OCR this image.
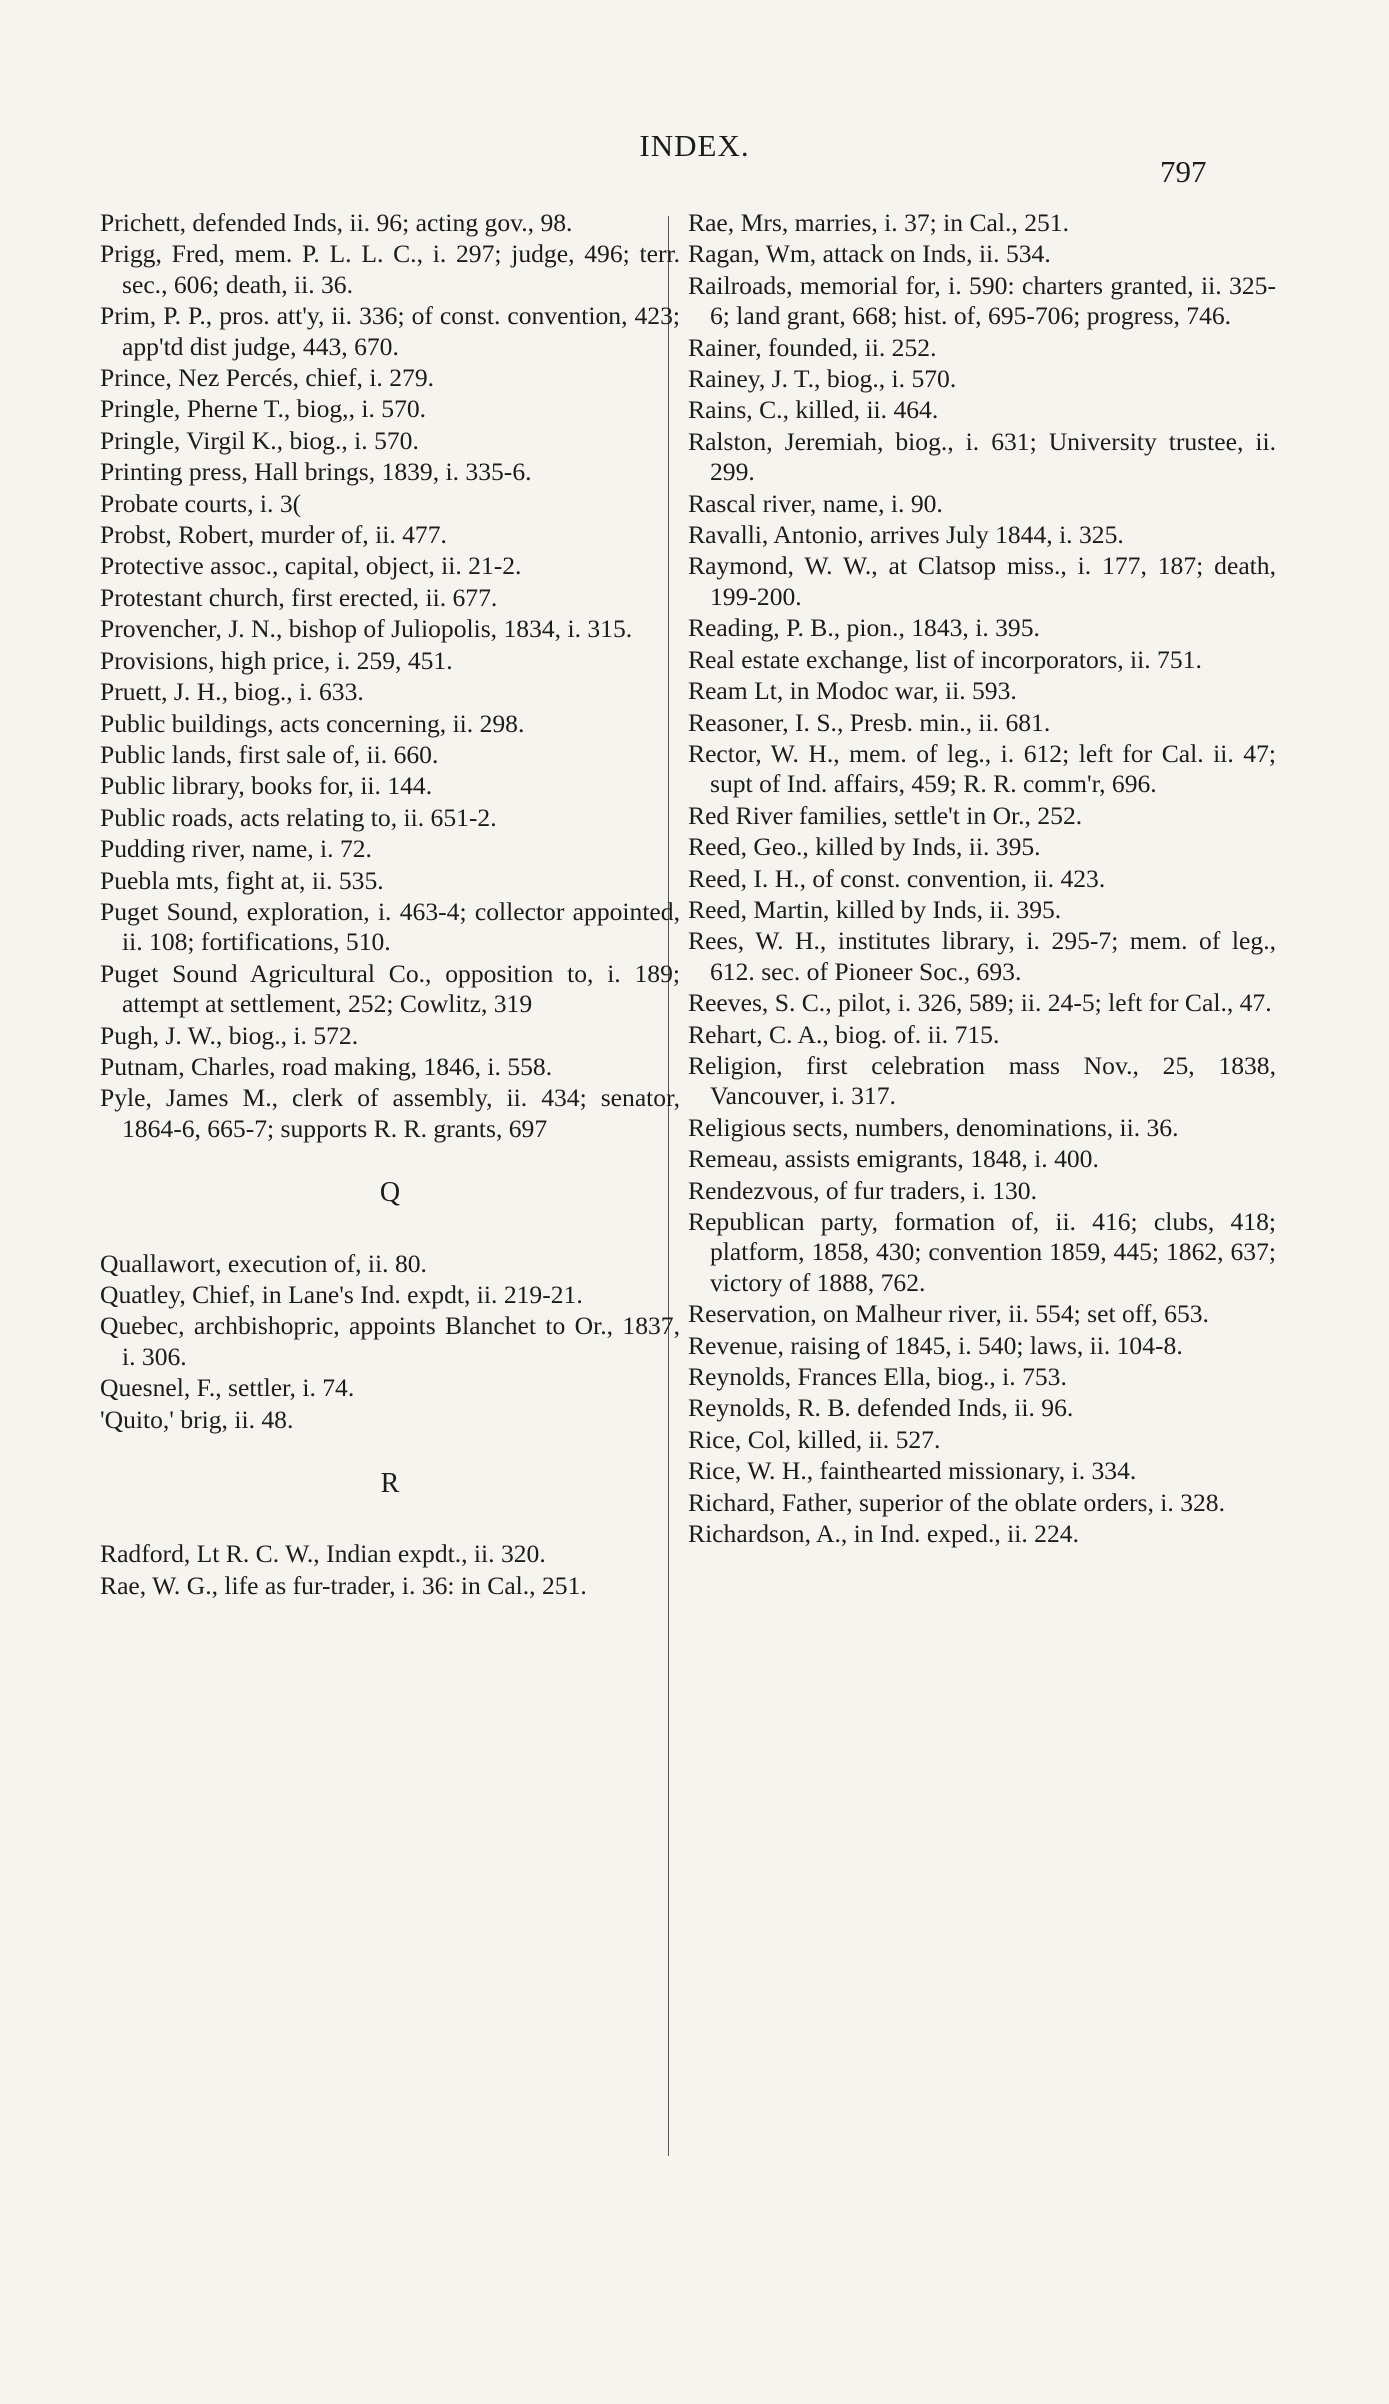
INDEX.
797
Prichett, defended Inds, ii. 96; acting gov., 98.
Prigg, Fred, mem. P. L. L. C., i. 297; judge, 496; terr. sec., 606; death, ii. 36.
Prim, P. P., pros. att'y, ii. 336; of const. convention, 423; app'td dist judge, 443, 670.
Prince, Nez Percés, chief, i. 279.
Pringle, Pherne T., biog,, i. 570.
Pringle, Virgil K., biog., i. 570.
Printing press, Hall brings, 1839, i. 335-6.
Probate courts, i. 3(
Probst, Robert, murder of, ii. 477.
Protective assoc., capital, object, ii. 21-2.
Protestant church, first erected, ii. 677.
Provencher, J. N., bishop of Juliopolis, 1834, i. 315.
Provisions, high price, i. 259, 451.
Pruett, J. H., biog., i. 633.
Public buildings, acts concerning, ii. 298.
Public lands, first sale of, ii. 660.
Public library, books for, ii. 144.
Public roads, acts relating to, ii. 651-2.
Pudding river, name, i. 72.
Puebla mts, fight at, ii. 535.
Puget Sound, exploration, i. 463-4; collector appointed, ii. 108; fortifications, 510.
Puget Sound Agricultural Co., opposition to, i. 189; attempt at settlement, 252; Cowlitz, 319
Pugh, J. W., biog., i. 572.
Putnam, Charles, road making, 1846, i. 558.
Pyle, James M., clerk of assembly, ii. 434; senator, 1864-6, 665-7; supports R. R. grants, 697
Q
Quallawort, execution of, ii. 80.
Quatley, Chief, in Lane's Ind. expdt, ii. 219-21.
Quebec, archbishopric, appoints Blanchet to Or., 1837, i. 306.
Quesnel, F., settler, i. 74.
'Quito,' brig, ii. 48.
R
Radford, Lt R. C. W., Indian expdt., ii. 320.
Rae, W. G., life as fur-trader, i. 36: in Cal., 251.
Rae, Mrs, marries, i. 37; in Cal., 251.
Ragan, Wm, attack on Inds, ii. 534.
Railroads, memorial for, i. 590: charters granted, ii. 325-6; land grant, 668; hist. of, 695-706; progress, 746.
Rainer, founded, ii. 252.
Rainey, J. T., biog., i. 570.
Rains, C., killed, ii. 464.
Ralston, Jeremiah, biog., i. 631; University trustee, ii. 299.
Rascal river, name, i. 90.
Ravalli, Antonio, arrives July 1844, i. 325.
Raymond, W. W., at Clatsop miss., i. 177, 187; death, 199-200.
Reading, P. B., pion., 1843, i. 395.
Real estate exchange, list of incorporators, ii. 751.
Ream Lt, in Modoc war, ii. 593.
Reasoner, I. S., Presb. min., ii. 681.
Rector, W. H., mem. of leg., i. 612; left for Cal. ii. 47; supt of Ind. affairs, 459; R. R. comm'r, 696.
Red River families, settle't in Or., 252.
Reed, Geo., killed by Inds, ii. 395.
Reed, I. H., of const. convention, ii. 423.
Reed, Martin, killed by Inds, ii. 395.
Rees, W. H., institutes library, i. 295-7; mem. of leg., 612. sec. of Pioneer Soc., 693.
Reeves, S. C., pilot, i. 326, 589; ii. 24-5; left for Cal., 47.
Rehart, C. A., biog. of. ii. 715.
Religion, first celebration mass Nov., 25, 1838, Vancouver, i. 317.
Religious sects, numbers, denominations, ii. 36.
Remeau, assists emigrants, 1848, i. 400.
Rendezvous, of fur traders, i. 130.
Republican party, formation of, ii. 416; clubs, 418; platform, 1858, 430; convention 1859, 445; 1862, 637; victory of 1888, 762.
Reservation, on Malheur river, ii. 554; set off, 653.
Revenue, raising of 1845, i. 540; laws, ii. 104-8.
Reynolds, Frances Ella, biog., i. 753.
Reynolds, R. B. defended Inds, ii. 96.
Rice, Col, killed, ii. 527.
Rice, W. H., fainthearted missionary, i. 334.
Richard, Father, superior of the oblate orders, i. 328.
Richardson, A., in Ind. exped., ii. 224.
